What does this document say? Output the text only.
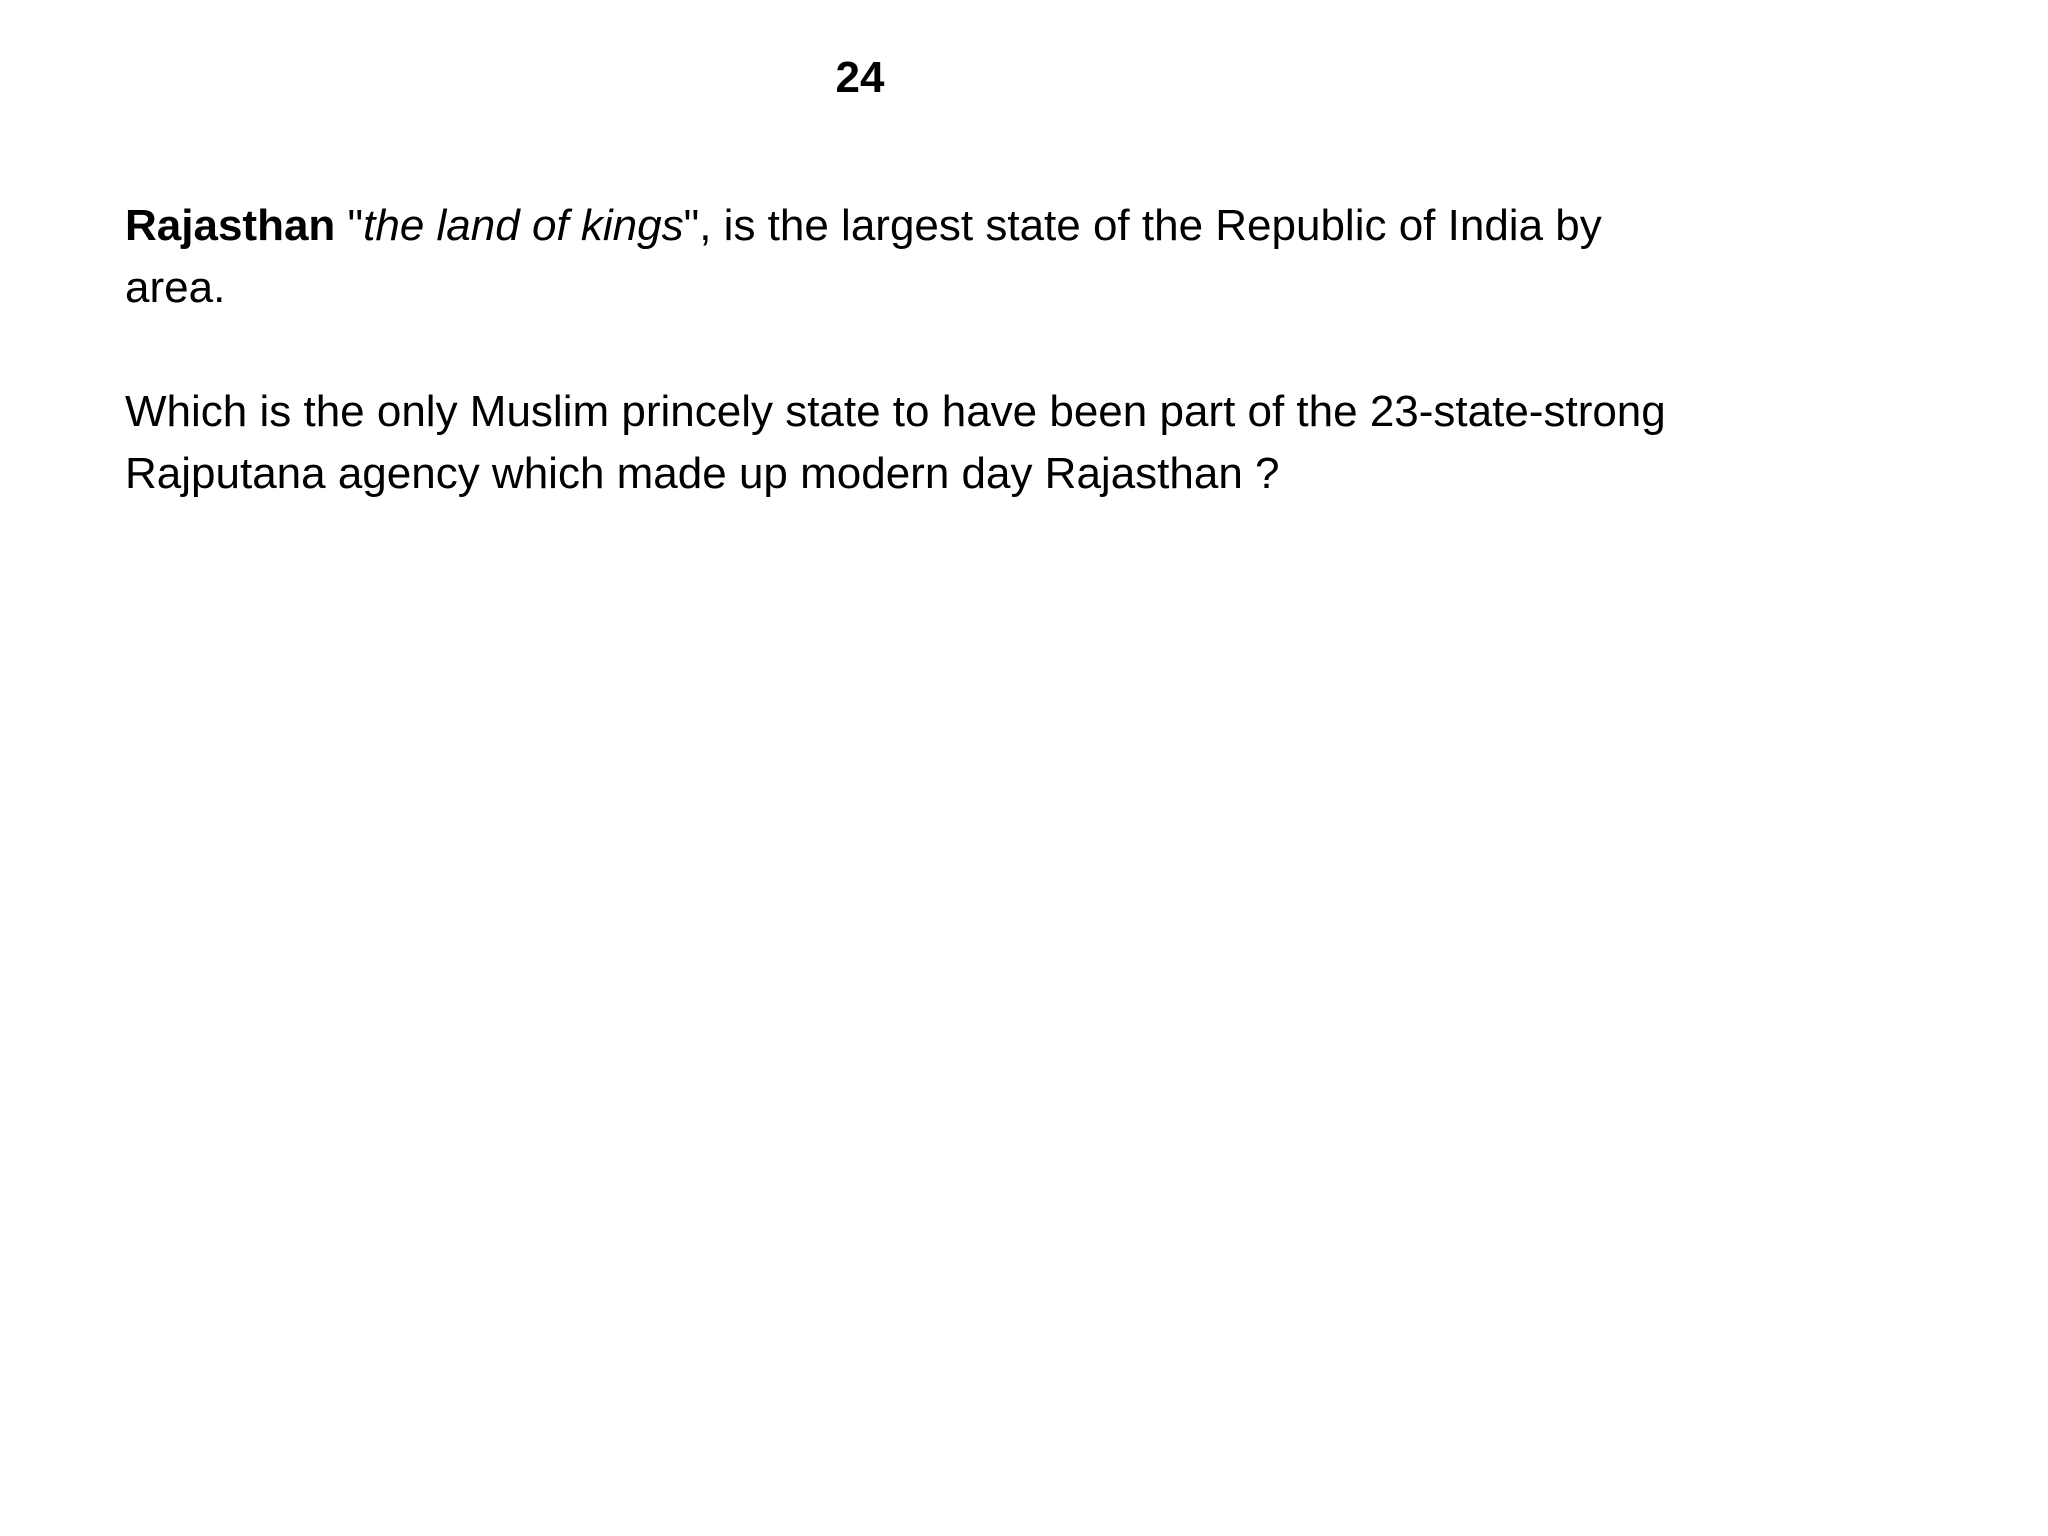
24

Rajasthan "the land of kings", is the largest state of the Republic of India by
area.

Which is the only Muslim princely state to have been part of the 23-state-strong
Rajputana agency which made up modern day Rajasthan ?
